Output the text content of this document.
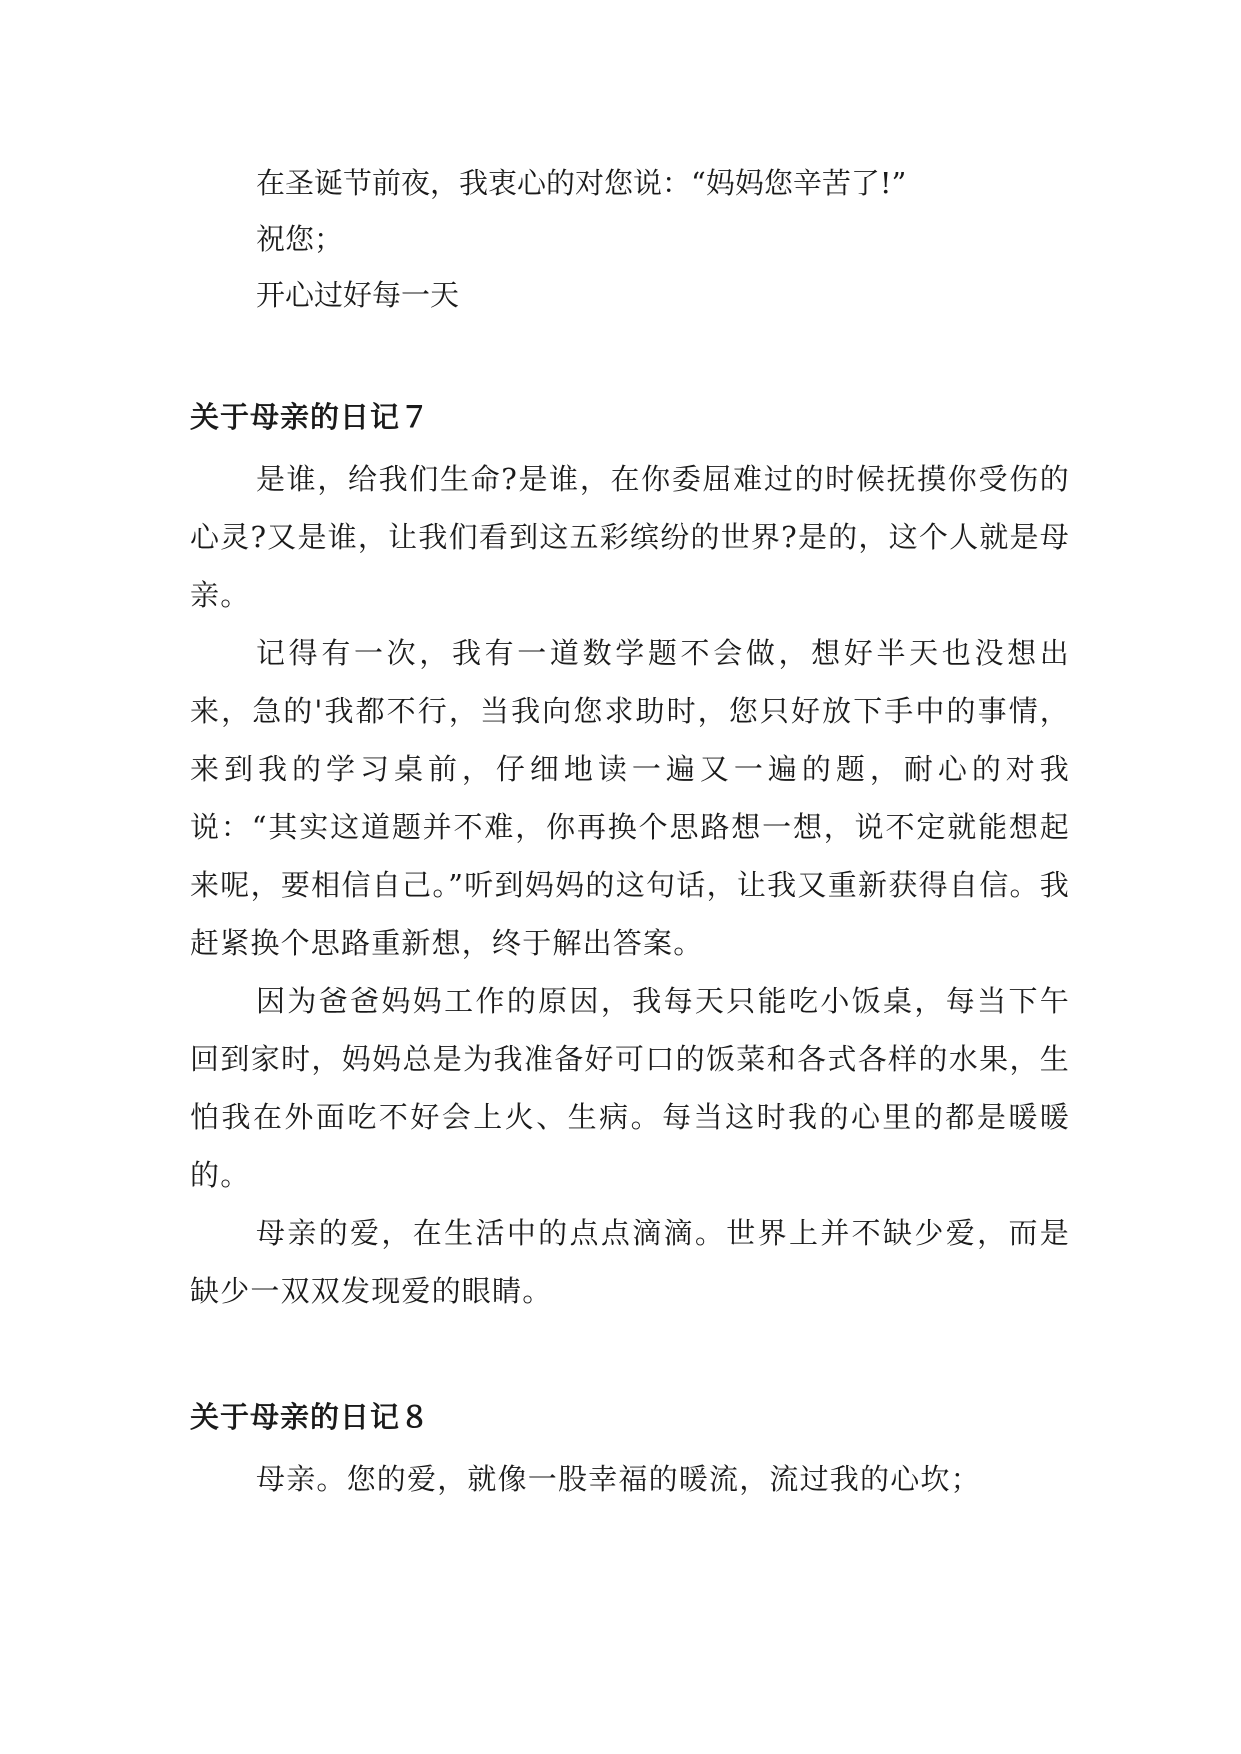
在圣诞节前夜，我衷心的对您说：“妈妈您辛苦了!”
祝您；
开心过好每一天
关于母亲的日记７

是谁，给我们生命?是谁，在你委屈难过的时候抚摸你受伤的心灵?又是谁，让我们看到这五彩缤纷的世界?是的，这个人就是母亲。

记得有一次，我有一道数学题不会做，想好半天也没想出来，急的'我都不行，当我向您求助时，您只好放下手中的事情，来到我的学习桌前，仔细地读一遍又一遍的题，耐心的对我说：“其实这道题并不难，你再换个思路想一想，说不定就能想起来呢，要相信自己。”听到妈妈的这句话，让我又重新获得自信。我赶紧换个思路重新想，终于解出答案。

因为爸爸妈妈工作的原因，我每天只能吃小饭桌，每当下午回到家时，妈妈总是为我准备好可口的饭菜和各式各样的水果，生怕我在外面吃不好会上火、生病。每当这时我的心里的都是暖暖的。

母亲的爱，在生活中的点点滴滴。世界上并不缺少爱，而是缺少一双双发现爱的眼睛。

关于母亲的日记８

母亲。您的爱，就像一股幸福的暖流，流过我的心坎；
